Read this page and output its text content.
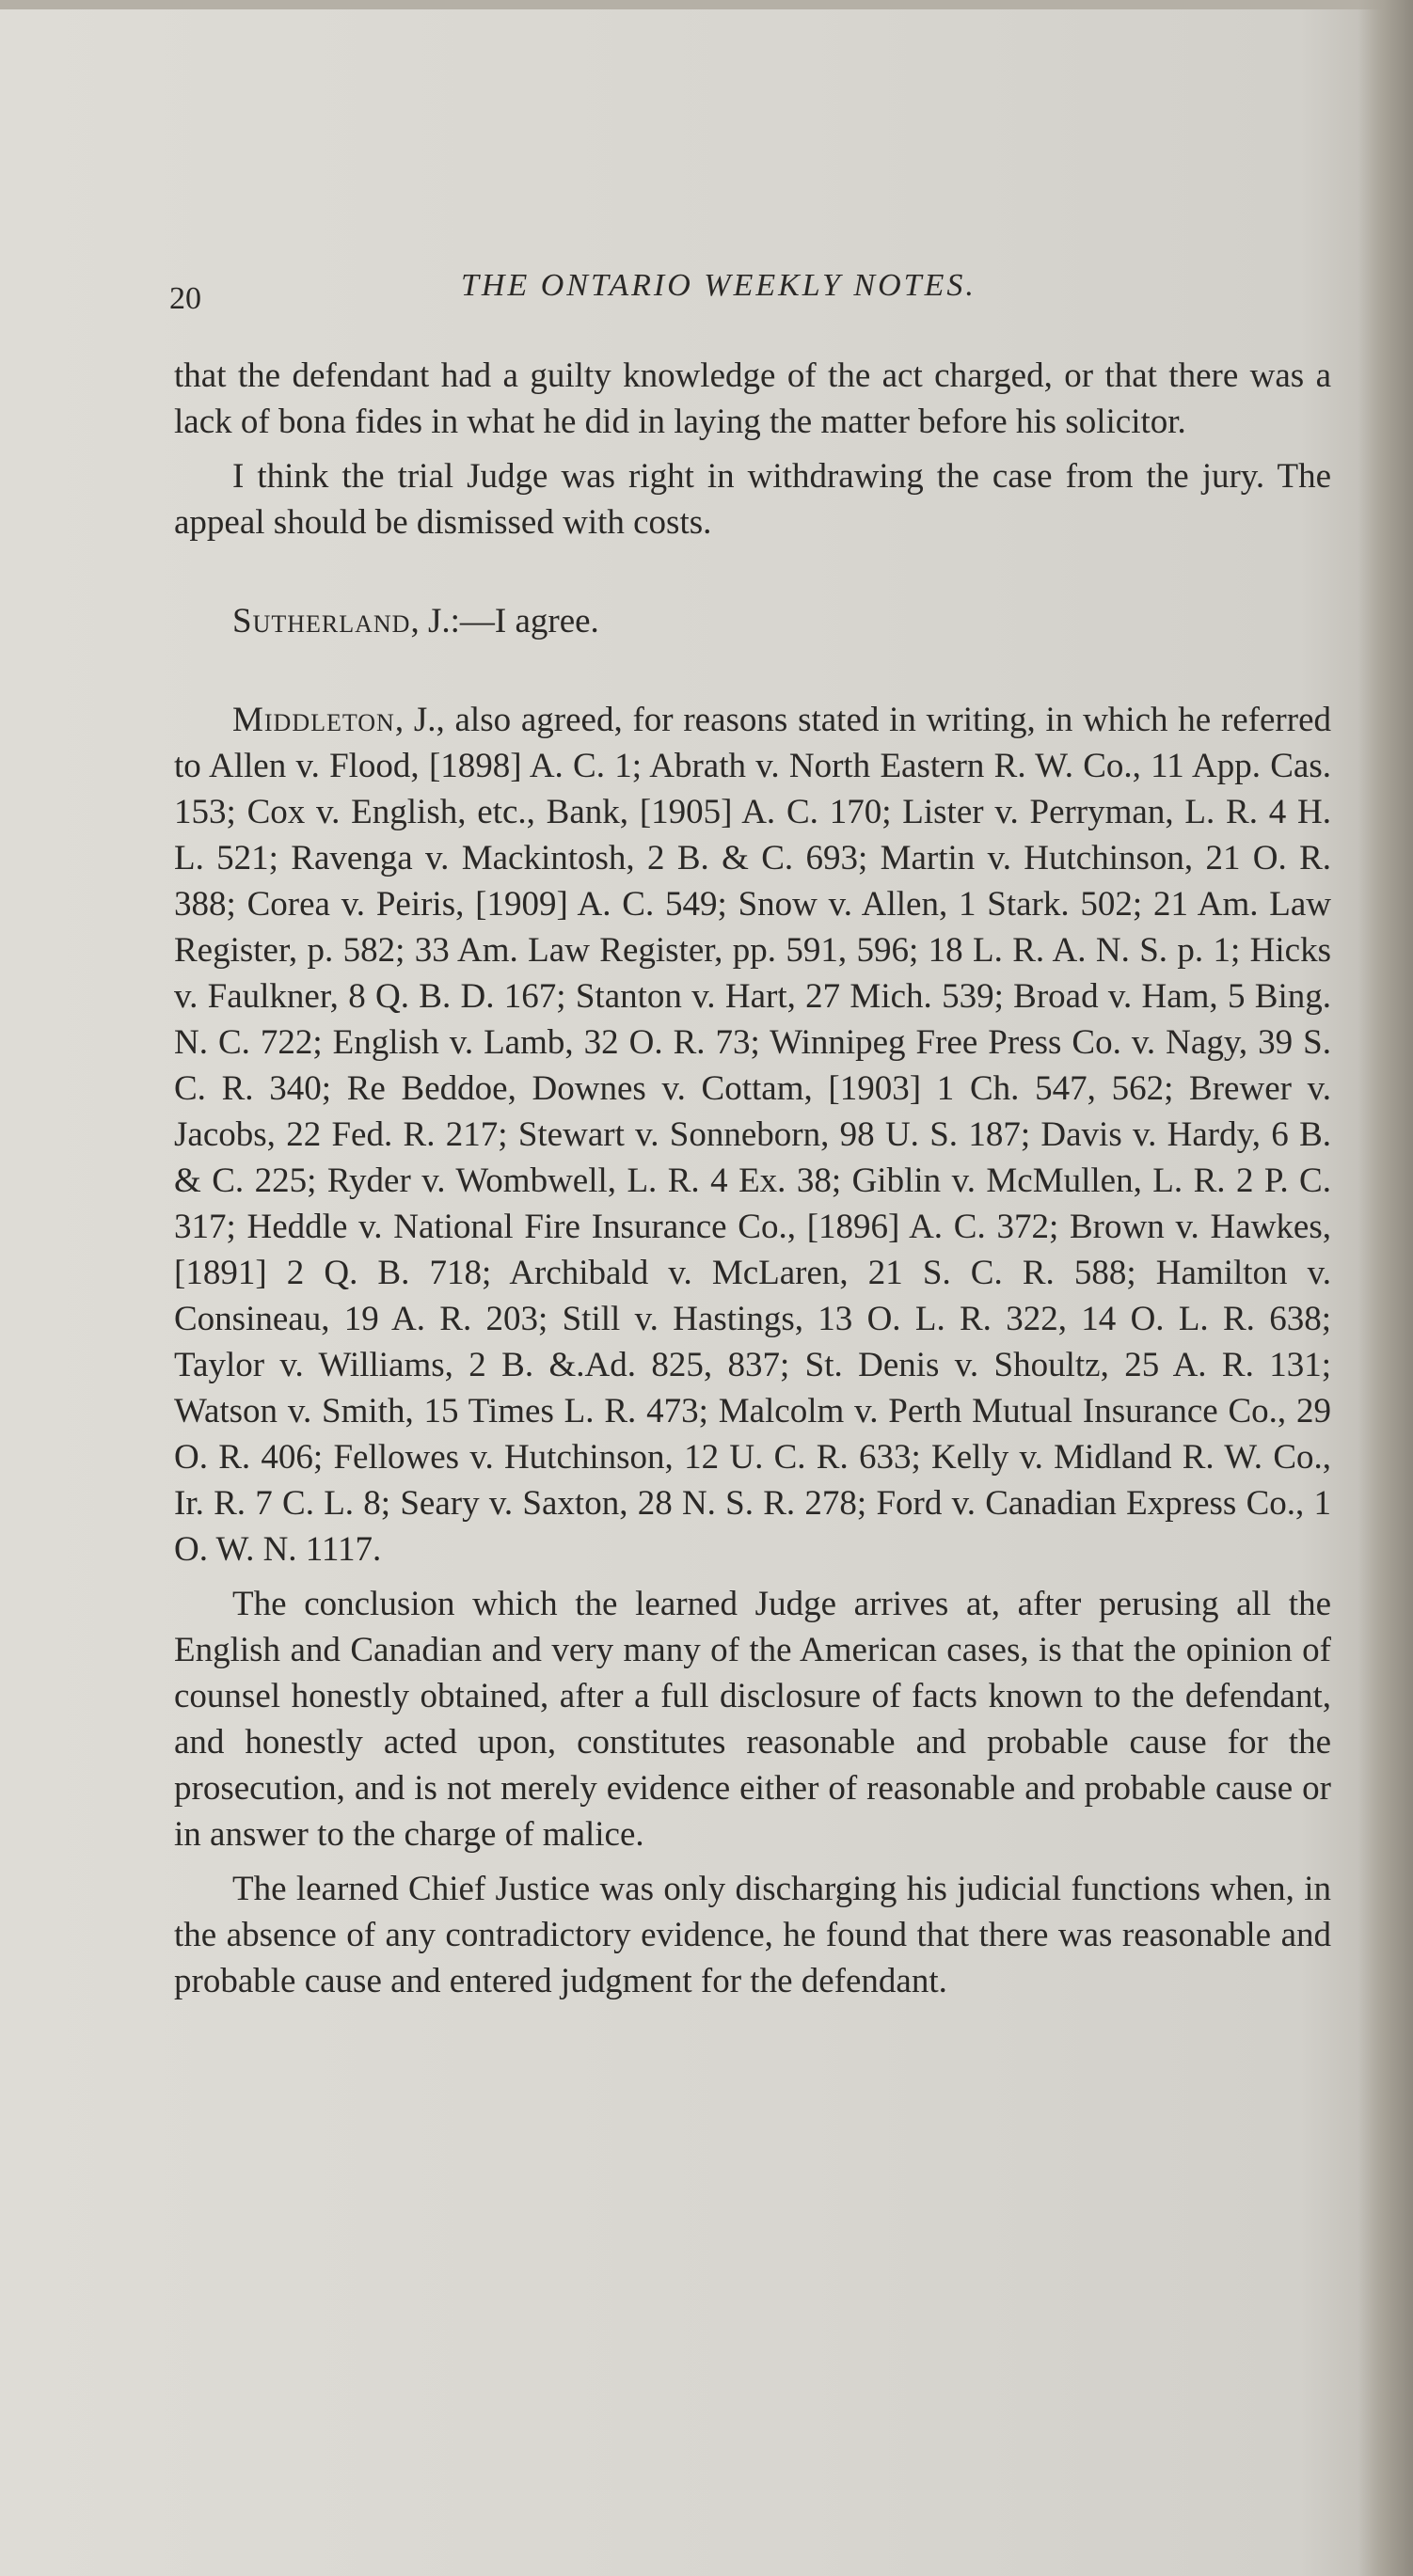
20	THE ONTARIO WEEKLY NOTES.

that the defendant had a guilty knowledge of the act charged, or that there was a lack of bona fides in what he did in laying the matter before his solicitor.

I think the trial Judge was right in withdrawing the case from the jury. The appeal should be dismissed with costs.

Sutherland, J.:—I agree.

Middleton, J., also agreed, for reasons stated in writing, in which he referred to Allen v. Flood, [1898] A. C. 1; Abrath v. North Eastern R. W. Co., 11 App. Cas. 153; Cox v. English, etc., Bank, [1905] A. C. 170; Lister v. Perryman, L. R. 4 H. L. 521; Ravenga v. Mackintosh, 2 B. & C. 693; Martin v. Hutchinson, 21 O. R. 388; Corea v. Peiris, [1909] A. C. 549; Snow v. Allen, 1 Stark. 502; 21 Am. Law Register, p. 582; 33 Am. Law Register, pp. 591, 596; 18 L. R. A. N. S. p. 1; Hicks v. Faulkner, 8 Q. B. D. 167; Stanton v. Hart, 27 Mich. 539; Broad v. Ham, 5 Bing. N. C. 722; English v. Lamb, 32 O. R. 73; Winnipeg Free Press Co. v. Nagy, 39 S. C. R. 340; Re Beddoe, Downes v. Cottam, [1903] 1 Ch. 547, 562; Brewer v. Jacobs, 22 Fed. R. 217; Stewart v. Sonneborn, 98 U. S. 187; Davis v. Hardy, 6 B. & C. 225; Ryder v. Wombwell, L. R. 4 Ex. 38; Giblin v. McMullen, L. R. 2 P. C. 317; Heddle v. National Fire Insurance Co., [1896] A. C. 372; Brown v. Hawkes, [1891] 2 Q. B. 718; Archibald v. McLaren, 21 S. C. R. 588; Hamilton v. Consineau, 19 A. R. 203; Still v. Hastings, 13 O. L. R. 322, 14 O. L. R. 638; Taylor v. Williams, 2 B. &.Ad. 825, 837; St. Denis v. Shoultz, 25 A. R. 131; Watson v. Smith, 15 Times L. R. 473; Malcolm v. Perth Mutual Insurance Co., 29 O. R. 406; Fellowes v. Hutchinson, 12 U. C. R. 633; Kelly v. Midland R. W. Co., Ir. R. 7 C. L. 8; Seary v. Saxton, 28 N. S. R. 278; Ford v. Canadian Express Co., 1 O. W. N. 1117.

The conclusion which the learned Judge arrives at, after perusing all the English and Canadian and very many of the American cases, is that the opinion of counsel honestly obtained, after a full disclosure of facts known to the defendant, and honestly acted upon, constitutes reasonable and probable cause for the prosecution, and is not merely evidence either of reasonable and probable cause or in answer to the charge of malice.

The learned Chief Justice was only discharging his judicial functions when, in the absence of any contradictory evidence, he found that there was reasonable and probable cause and entered judgment for the defendant.
